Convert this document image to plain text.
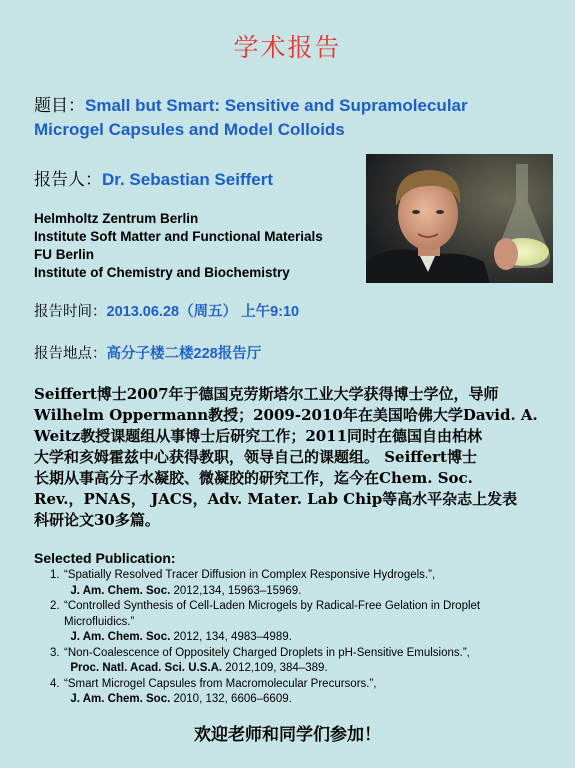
学术报告
题目：Small but Smart: Sensitive and Supramolecular
Microgel Capsules and Model Colloids
报告人：Dr. Sebastian Seiffert
Helmholtz Zentrum Berlin
Institute Soft Matter and Functional Materials
FU Berlin
Institute of Chemistry and Biochemistry
报告时间：2013.06.28（周五） 上午9:10
报告地点：高分子楼二楼228报告厅
Seiffert博士2007年于德国克劳斯塔尔工业大学获得博士学位，导师
Wilhelm Oppermann教授；2009-2010年在美国哈佛大学David. A.
Weitz教授课题组从事博士后研究工作；2011同时在德国自由柏林
大学和亥姆霍兹中心获得教职，领导自己的课题组。 Seiffert博士
长期从事高分子水凝胶、微凝胶的研究工作，迄今在Chem. Soc.
Rev.，PNAS， JACS，Adv. Mater. Lab Chip等高水平杂志上发表
科研论文30多篇。
Selected Publication:
1. “Spatially Resolved Tracer Diffusion in Complex Responsive Hydrogels.”,
J. Am. Chem. Soc. 2012,134, 15963–15969.
2. “Controlled Synthesis of Cell-Laden Microgels by Radical-Free Gelation in Droplet
Microfluidics.”
J. Am. Chem. Soc. 2012, 134, 4983–4989.
3. “Non-Coalescence of Oppositely Charged Droplets in pH-Sensitive Emulsions.”,
Proc. Natl. Acad. Sci. U.S.A. 2012,109, 384–389.
4. “Smart Microgel Capsules from Macromolecular Precursors.”,
J. Am. Chem. Soc. 2010, 132, 6606–6609.
欢迎老师和同学们参加！
